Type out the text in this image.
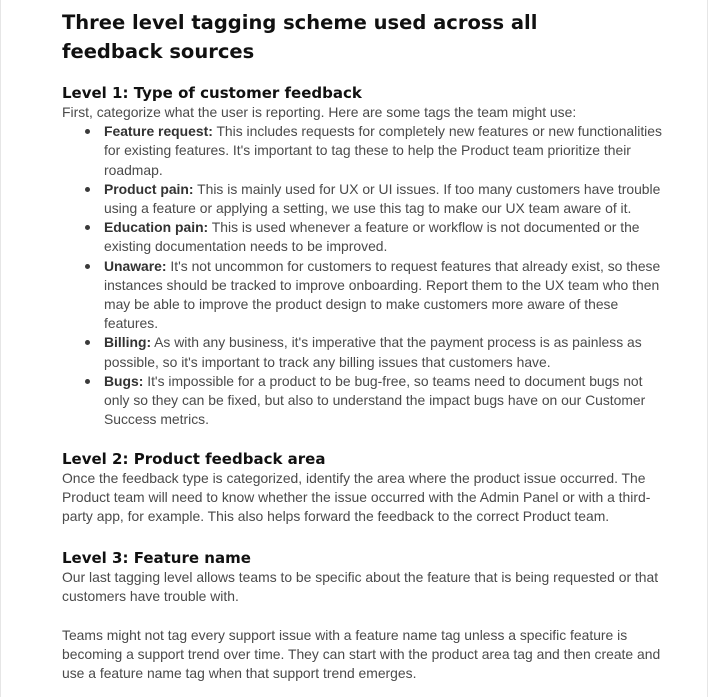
Three level tagging scheme used across all feedback sources
Level 1: Type of customer feedback

First, categorize what the user is reporting. Here are some tags the team might use:

Feature request: This includes requests for completely new features or new functionalities for existing features. It's important to tag these to help the Product team prioritize their roadmap.
Product pain: This is mainly used for UX or UI issues. If too many customers have trouble using a feature or applying a setting, we use this tag to make our UX team aware of it.
Education pain: This is used whenever a feature or workflow is not documented or the existing documentation needs to be improved.
Unaware: It's not uncommon for customers to request features that already exist, so these instances should be tracked to improve onboarding. Report them to the UX team who then may be able to improve the product design to make customers more aware of these features.
Billing: As with any business, it's imperative that the payment process is as painless as possible, so it's important to track any billing issues that customers have.
Bugs: It's impossible for a product to be bug-free, so teams need to document bugs not only so they can be fixed, but also to understand the impact bugs have on our Customer Success metrics.
Level 2: Product feedback area

Once the feedback type is categorized, identify the area where the product issue occurred. The Product team will need to know whether the issue occurred with the Admin Panel or with a third-party app, for example. This also helps forward the feedback to the correct Product team.

Level 3: Feature name

Our last tagging level allows teams to be specific about the feature that is being requested or that customers have trouble with.

Teams might not tag every support issue with a feature name tag unless a specific feature is becoming a support trend over time. They can start with the product area tag and then create and use a feature name tag when that support trend emerges.
